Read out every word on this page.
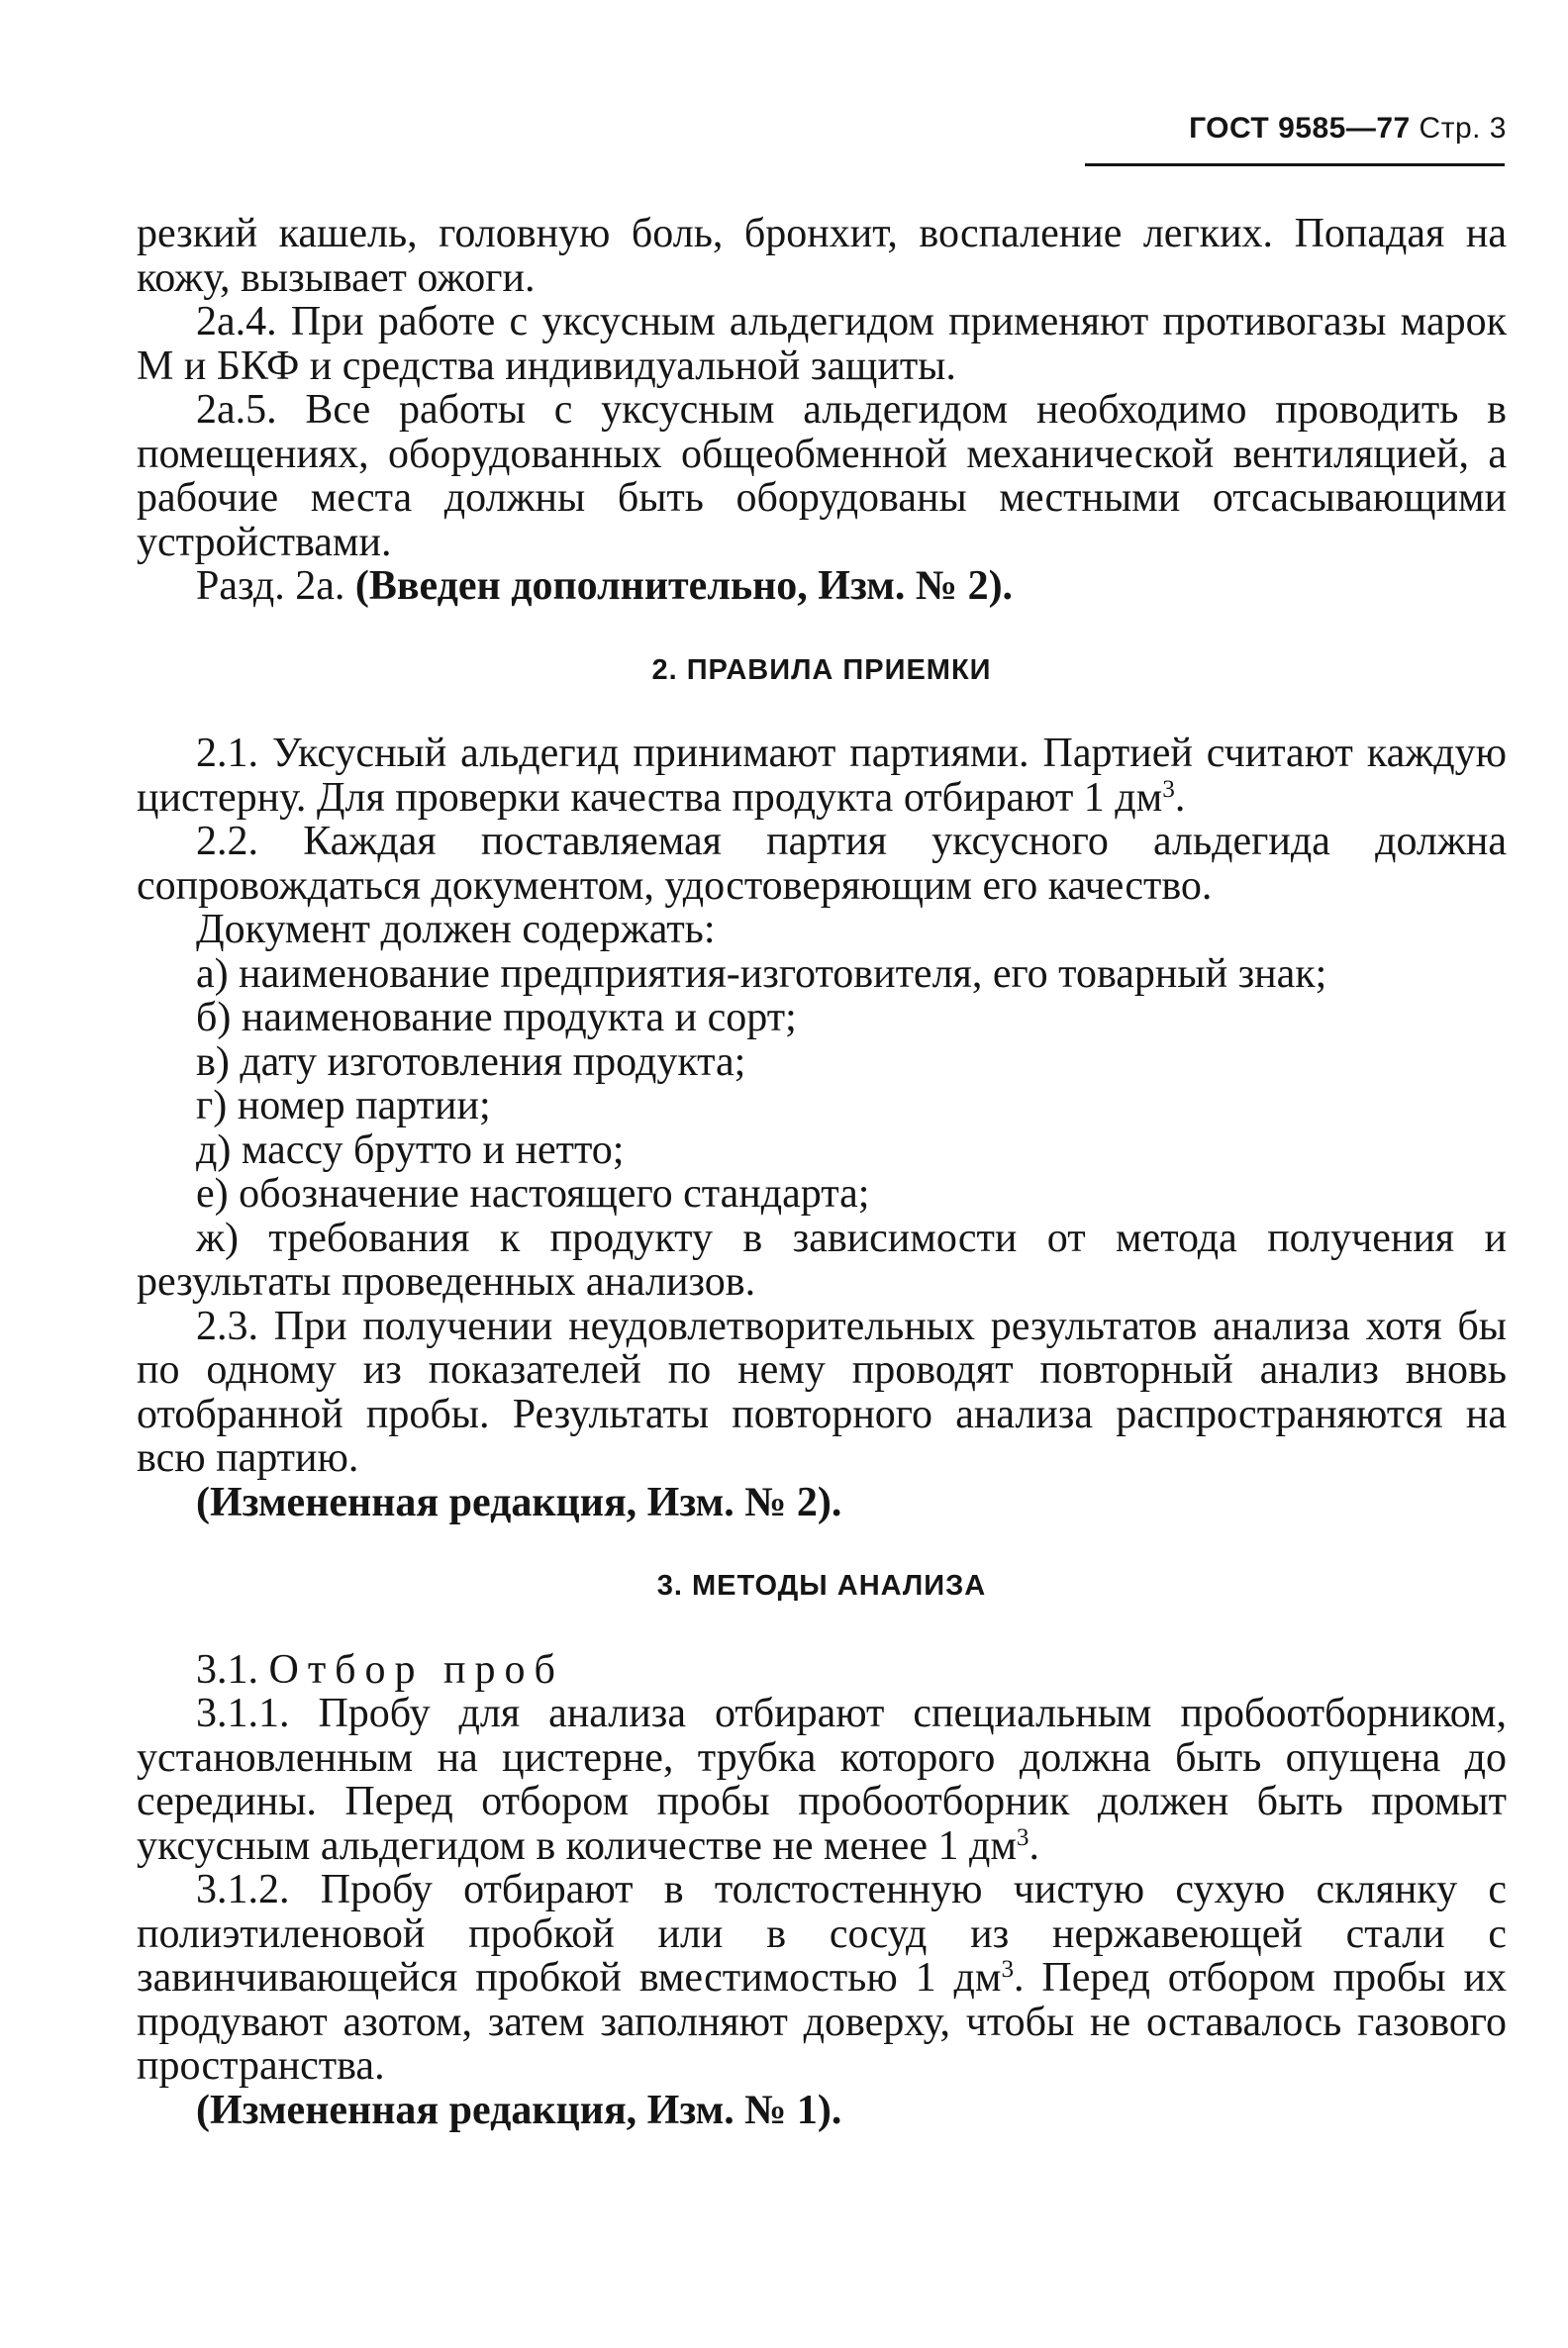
ГОСТ 9585—77 Стр. 3

резкий кашель, головную боль, бронхит, воспаление легких. Попадая на кожу, вызывает ожоги.

2а.4. При работе с уксусным альдегидом применяют противогазы марок М и БКФ и средства индивидуальной защиты.

2а.5. Все работы с уксусным альдегидом необходимо проводить в помещениях, оборудованных общеобменной механической вентиляцией, а рабочие места должны быть оборудованы местными отсасывающими устройствами.

Разд. 2а. (Введен дополнительно, Изм. № 2).

2. ПРАВИЛА ПРИЕМКИ

2.1. Уксусный альдегид принимают партиями. Партией считают каждую цистерну. Для проверки качества продукта отбирают 1 $дм^3$.

2.2. Каждая поставляемая партия уксусного альдегида должна сопровождаться документом, удостоверяющим его качество.

Документ должен содержать:

а) наименование предприятия-изготовителя, его товарный знак;

б) наименование продукта и сорт;

в) дату изготовления продукта;

г) номер партии;

д) массу брутто и нетто;

е) обозначение настоящего стандарта;

ж) требования к продукту в зависимости от метода получения и результаты проведенных анализов.

2.3. При получении неудовлетворительных результатов анализа хотя бы по одному из показателей по нему проводят повторный анализ вновь отобранной пробы. Результаты повторного анализа распространяются на всю партию.

(Измененная редакция, Изм. № 2).

3. МЕТОДЫ АНАЛИЗА

3.1. Отбор проб

3.1.1. Пробу для анализа отбирают специальным пробоотборником, установленным на цистерне, трубка которого должна быть опущена до середины. Перед отбором пробы пробоотборник должен быть промыт уксусным альдегидом в количестве не менее 1 $дм^3$.

3.1.2. Пробу отбирают в толстостенную чистую сухую склянку с полиэтиленовой пробкой или в сосуд из нержавеющей стали с завинчивающейся пробкой вместимостью 1 $дм^3$. Перед отбором пробы их продувают азотом, затем заполняют доверху, чтобы не оставалось газового пространства.

(Измененная редакция, Изм. № 1).
